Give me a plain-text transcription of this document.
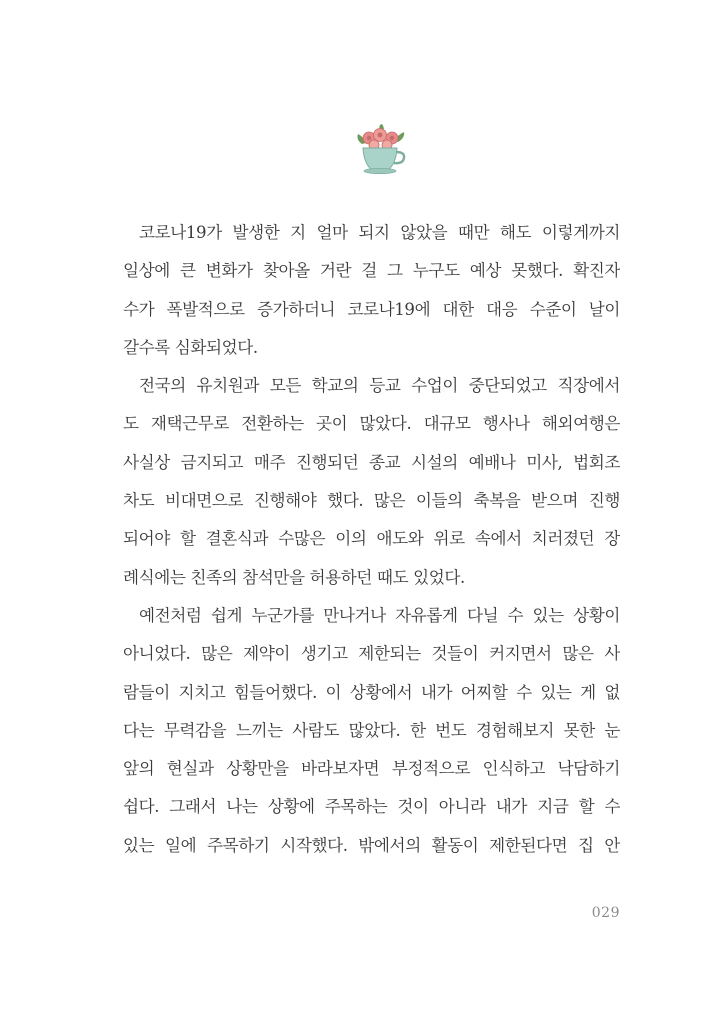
코로나19가 발생한 지 얼마 되지 않았을 때만 해도 이렇게까지
일상에 큰 변화가 찾아올 거란 걸 그 누구도 예상 못했다. 확진자
수가 폭발적으로 증가하더니 코로나19에 대한 대응 수준이 날이
갈수록 심화되었다.
전국의 유치원과 모든 학교의 등교 수업이 중단되었고 직장에서
도 재택근무로 전환하는 곳이 많았다. 대규모 행사나 해외여행은
사실상 금지되고 매주 진행되던 종교 시설의 예배나 미사, 법회조
차도 비대면으로 진행해야 했다. 많은 이들의 축복을 받으며 진행
되어야 할 결혼식과 수많은 이의 애도와 위로 속에서 치러졌던 장
례식에는 친족의 참석만을 허용하던 때도 있었다.
예전처럼 쉽게 누군가를 만나거나 자유롭게 다닐 수 있는 상황이
아니었다. 많은 제약이 생기고 제한되는 것들이 커지면서 많은 사
람들이 지치고 힘들어했다. 이 상황에서 내가 어찌할 수 있는 게 없
다는 무력감을 느끼는 사람도 많았다. 한 번도 경험해보지 못한 눈
앞의 현실과 상황만을 바라보자면 부정적으로 인식하고 낙담하기
쉽다. 그래서 나는 상황에 주목하는 것이 아니라 내가 지금 할 수
있는 일에 주목하기 시작했다. 밖에서의 활동이 제한된다면 집 안
029
